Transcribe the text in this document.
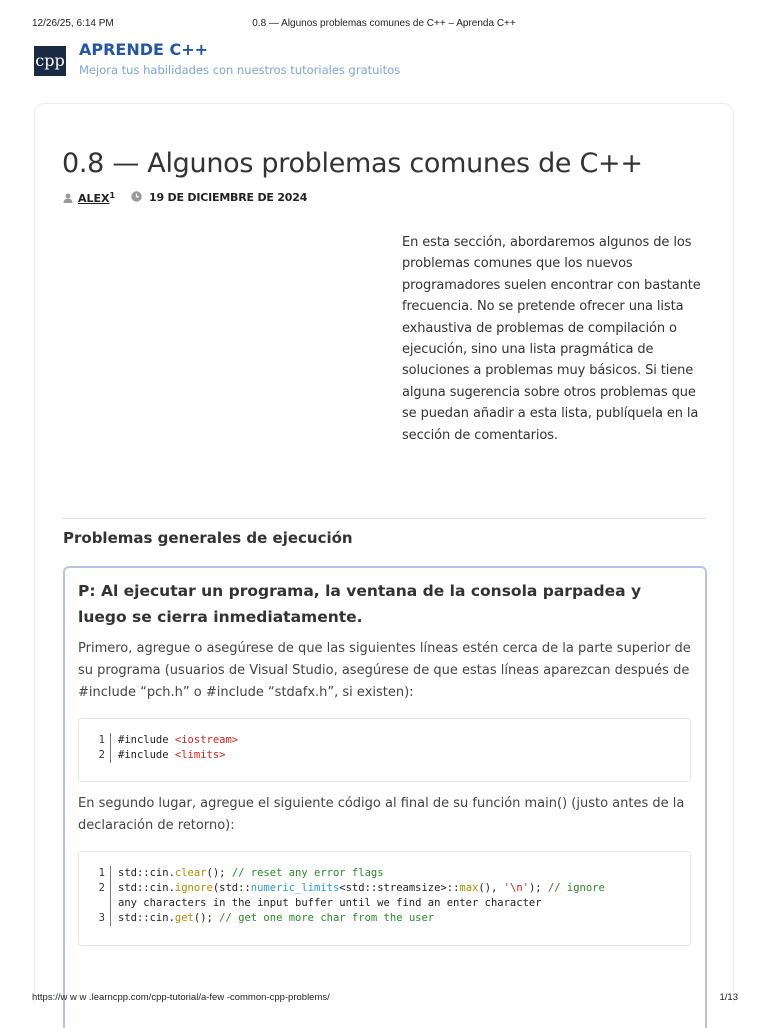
12/26/25, 6:14 PM	0.8 — Algunos problemas comunes de C++ – Aprenda C++
cpp
APRENDE C++
Mejora tus habilidades con nuestros tutoriales gratuitos
0.8 — Algunos problemas comunes de C++
$ALEX^1$	19 DE DICIEMBRE DE 2024
En esta sección, abordaremos algunos de los problemas comunes que los nuevos programadores suelen encontrar con bastante frecuencia. No se pretende ofrecer una lista exhaustiva de problemas de compilación o ejecución, sino una lista pragmática de soluciones a problemas muy básicos. Si tiene alguna sugerencia sobre otros problemas que se puedan añadir a esta lista, publíquela en la sección de comentarios.
Problemas generales de ejecución
P: Al ejecutar un programa, la ventana de la consola parpadea y luego se cierra inmediatamente.

Primero, agregue o asegúrese de que las siguientes líneas estén cerca de la parte superior de su programa (usuarios de Visual Studio, asegúrese de que estas líneas aparezcan después de #include “pch.h” o #include “stdafx.h”, si existen):

1 #include <iostream>
2 #include <limits>

En segundo lugar, agregue el siguiente código al final de su función main() (justo antes de la declaración de retorno):

1 std::cin.clear(); // reset any error flags
2 std::cin.ignore(std::numeric_limits<std::streamsize>::max(), '\n'); // ignore
any characters in the input buffer until we find an enter character
3 std::cin.get(); // get one more char from the user
https://w w w .learncpp.com/cpp-tutorial/a-few -common-cpp-problems/	1/13
